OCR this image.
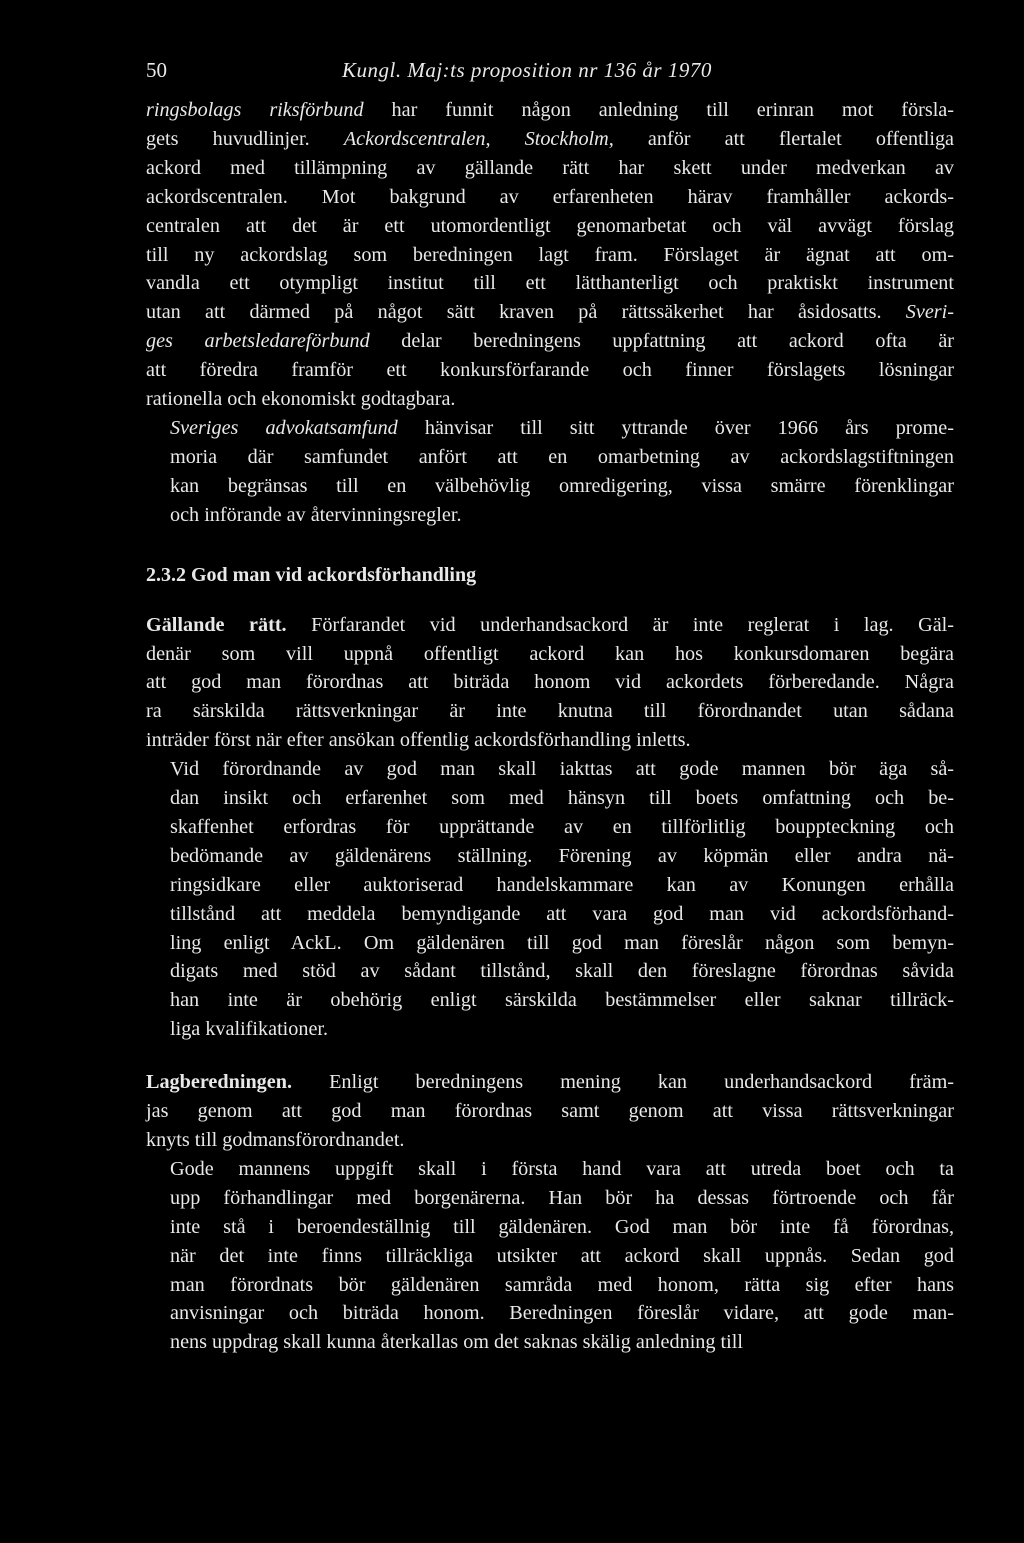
50	Kungl. Maj:ts proposition nr 136 år 1970

ringsbolags riksförbund har funnit någon anledning till erinran mot försla-
gets huvudlinjer. Ackordscentralen, Stockholm, anför att flertalet offentliga
ackord med tillämpning av gällande rätt har skett under medverkan av
ackordscentralen. Mot bakgrund av erfarenheten härav framhåller ackords-
centralen att det är ett utomordentligt genomarbetat och väl avvägt förslag
till ny ackordslag som beredningen lagt fram. Förslaget är ägnat att om-
vandla ett otympligt institut till ett lätthanterligt och praktiskt instrument
utan att därmed på något sätt kraven på rättssäkerhet har åsidosatts. Sveri-
ges arbetsledareförbund delar beredningens uppfattning att ackord ofta är
att föredra framför ett konkursförfarande och finner förslagets lösningar
rationella och ekonomiskt godtagbara.

Sveriges advokatsamfund hänvisar till sitt yttrande över 1966 års prome-
moria där samfundet anfört att en omarbetning av ackordslagstiftningen
kan begränsas till en välbehövlig omredigering, vissa smärre förenklingar
och införande av återvinningsregler.

2.3.2 God man vid ackordsförhandling

Gällande rätt. Förfarandet vid underhandsackord är inte reglerat i lag. Gäl-
denär som vill uppnå offentligt ackord kan hos konkursdomaren begära
att god man förordnas att biträda honom vid ackordets förberedande. Några
ra särskilda rättsverkningar är inte knutna till förordnandet utan sådana
inträder först när efter ansökan offentlig ackordsförhandling inletts.

Vid förordnande av god man skall iakttas att gode mannen bör äga så-
dan insikt och erfarenhet som med hänsyn till boets omfattning och be-
skaffenhet erfordras för upprättande av en tillförlitlig bouppteckning och
bedömande av gäldenärens ställning. Förening av köpmän eller andra nä-
ringsidkare eller auktoriserad handelskammare kan av Konungen erhålla
tillstånd att meddela bemyndigande att vara god man vid ackordsförhand-
ling enligt AckL. Om gäldenären till god man föreslår någon som bemyn-
digats med stöd av sådant tillstånd, skall den föreslagne förordnas såvida
han inte är obehörig enligt särskilda bestämmelser eller saknar tillräck-
liga kvalifikationer.

Lagberedningen. Enligt beredningens mening kan underhandsackord främ-
jas genom att god man förordnas samt genom att vissa rättsverkningar
knyts till godmansförordnandet.

Gode mannens uppgift skall i första hand vara att utreda boet och ta
upp förhandlingar med borgenärerna. Han bör ha dessas förtroende och får
inte stå i beroendeställnig till gäldenären. God man bör inte få förordnas,
när det inte finns tillräckliga utsikter att ackord skall uppnås. Sedan god
man förordnats bör gäldenären samråda med honom, rätta sig efter hans
anvisningar och biträda honom. Beredningen föreslår vidare, att gode man-
nens uppdrag skall kunna återkallas om det saknas skälig anledning till
